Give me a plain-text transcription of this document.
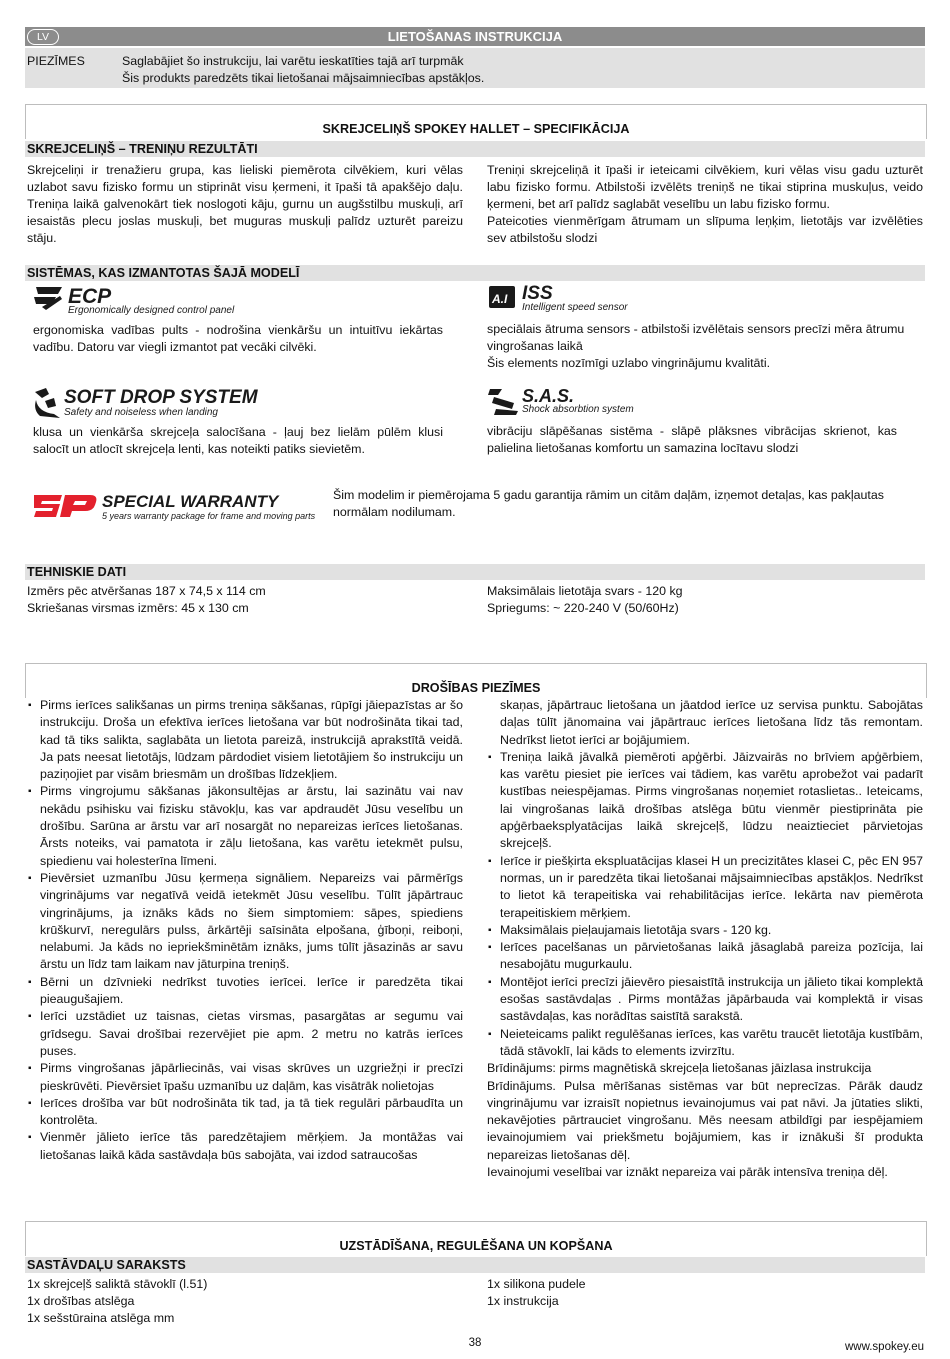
LV	LIETOŠANAS INSTRUKCIJA
PIEZĪMES	Saglabājiet šo instrukciju, lai varētu ieskatīties tajā arī turpmāk
Šis produkts paredzēts tikai lietošanai mājsaimniecības apstākļos.
SKREJCELIŅŠ SPOKEY HALLET – SPECIFIKĀCIJA
SKREJCELIŅŠ – TRENIŅU REZULTĀTI
Skrejceliņi ir trenažieru grupa, kas lieliski piemērota cilvēkiem, kuri vēlas uzlabot savu fizisko formu un stiprināt visu ķermeni, it īpaši tā apakšējo daļu. Treniņa laikā galvenokārt tiek noslogoti kāju, gurnu un augšstilbu muskuļi, arī iesaistās plecu joslas muskuļi, bet muguras muskuļi palīdz uzturēt pareizu stāju.
Treniņi skrejceliņā it īpaši ir ieteicami cilvēkiem, kuri vēlas visu gadu uzturēt labu fizisko formu. Atbilstoši izvēlēts treniņš ne tikai stiprina muskuļus, veido ķermeni, bet arī palīdz saglabāt veselību un labu fizisko formu.
Pateicoties vienmērīgam ātrumam un slīpuma leņķim, lietotājs var izvēlēties sev atbilstošu slodzi
SISTĒMAS, KAS IZMANTOTAS ŠAJĀ MODELĪ
ECP
Ergonomically designed control panel
ergonomiska vadības pults - nodrošina vienkāršu un intuitīvu iekārtas vadību. Datoru var viegli izmantot pat vecāki cilvēki.
A.I ISS
Intelligent speed sensor
speciālais ātruma sensors - atbilstoši izvēlētais sensors precīzi mēra ātrumu vingrošanas laikā
Šis elements nozīmīgi uzlabo vingrinājumu kvalitāti.
SOFT DROP SYSTEM
Safety and noiseless when landing
klusa un vienkārša skrejceļa salocīšana - ļauj bez lielām pūlēm klusi salocīt un atlocīt skrejceļa lenti, kas noteikti patiks sievietēm.
S.A.S.
Shock absorbtion system
vibrāciju slāpēšanas sistēma - slāpē plāksnes vibrācijas skrienot, kas palielina lietošanas komfortu un samazina locītavu slodzi
SPECIAL WARRANTY
5 years warranty package for frame and moving parts
Šim modelim ir piemērojama 5 gadu garantija rāmim un citām daļām, izņemot detaļas, kas pakļautas normālam nodilumam.
TEHNISKIE DATI
Izmērs pēc atvēršanas 187 x 74,5 x 114 cm
Skriešanas virsmas izmērs: 45 x 130 cm
Maksimālais lietotāja svars - 120 kg
Spriegums: ~ 220-240 V (50/60Hz)
DROŠĪBAS PIEZĪMES
▪ Pirms ierīces salikšanas un pirms treniņa sākšanas, rūpīgi jāiepazīstas ar šo instrukciju. Droša un efektīva ierīces lietošana var būt nodrošināta tikai tad, kad tā tiks salikta, saglabāta un lietota pareizā, instrukcijā aprakstītā veidā. Ja pats neesat lietotājs, lūdzam pārdodiet visiem lietotājiem šo instrukciju un paziņojiet par visām briesmām un drošības līdzekļiem.
▪ Pirms vingrojumu sākšanas jākonsultējas ar ārstu, lai sazinātu vai nav nekādu psihisku vai fizisku stāvokļu, kas var apdraudēt Jūsu veselību un drošību. Sarūna ar ārstu var arī nosargāt no nepareizas ierīces lietošanas. Ārsts noteiks, vai pamatota ir zāļu lietošana, kas varētu ietekmēt pulsu, spiedienu vai holesterīna līmeni.
▪ Pievērsiet uzmanību Jūsu ķermeņa signāliem. Nepareizs vai pārmērīgs vingrinājums var negatīvā veidā ietekmēt Jūsu veselību. Tūlīt jāpārtrauc vingrinājums, ja iznāks kāds no šiem simptomiem: sāpes, spiediens krūškurvī, neregulārs pulss, ārkārtēji saīsināta elpošana, ģīboņi, reiboņi, nelabumi. Ja kāds no iepriekšminētām iznāks, jums tūlīt jāsazinās ar savu ārstu un līdz tam laikam nav jāturpina treniņš.
▪ Bērni un dzīvnieki nedrīkst tuvoties ierīcei. Ierīce ir paredzēta tikai pieaugušajiem.
▪ Ierīci uzstādiet uz taisnas, cietas virsmas, pasargātas ar segumu vai grīdsegu. Savai drošībai rezervējiet pie apm. 2 metru no katrās ierīces puses.
▪ Pirms vingrošanas jāpārliecinās, vai visas skrūves un uzgriežņi ir precīzi pieskrūvēti. Pievērsiet īpašu uzmanību uz daļām, kas visātrāk nolietojas
▪ Ierīces drošība var būt nodrošināta tik tad, ja tā tiek regulāri pārbaudīta un kontrolēta.
▪ Vienmēr jālieto ierīce tās paredzētajiem mērķiem. Ja montāžas vai lietošanas laikā kāda sastāvdaļa būs sabojāta, vai izdod satraucošas
skaņas, jāpārtrauc lietošana un jāatdod ierīce uz servisa punktu. Sabojātas daļas tūlīt jānomaina vai jāpārtrauc ierīces lietošana līdz tās remontam. Nedrīkst lietot ierīci ar bojājumiem.
▪ Treniņa laikā jāvalkā piemēroti apģērbi. Jāizvairās no brīviem apģērbiem, kas varētu piesiet pie ierīces vai tādiem, kas varētu aprobežot vai padarīt kustības neiespējamas. Pirms vingrošanas noņemiet rotaslietas.. Ieteicams, lai vingrošanas laikā drošības atslēga būtu vienmēr piestiprināta pie apģērbaeksplуatācijas laikā skrejceļš, lūdzu neaiztieciet pārvietojas skrejceļš.
▪ Ierīce ir piešķirta ekspluatācijas klasei H un precizitātes klasei C, pēc EN 957 normas, un ir paredzēta tikai lietošanai mājsaimniecības apstākļos. Nedrīkst to lietot kā terapeitiska vai rehabilitācijas ierīce. Iekārta nav piemērota terapeitiskiem mērķiem.
▪ Maksimālais pieļaujamais lietotāja svars - 120 kg.
▪ Ierīces pacelšanas un pārvietošanas laikā jāsaglabā pareiza pozīcija, lai nesabojātu mugurkaulu.
▪ Montējot ierīci precīzi jāievēro piesaistītā instrukcija un jālieto tikai komplektā esošas sastāvdaļas . Pirms montāžas jāpārbauda vai komplektā ir visas sastāvdaļas, kas norādītas saistītā sarakstā.
▪ Neieteicams palikt regulēšanas ierīces, kas varētu traucēt lietotāja kustībām, tādā stāvoklī, lai kāds to elements izvirzītu.
Brīdinājums: pirms magnētiskā skrejceļa lietošanas jāizlasa instrukcija
Brīdinājums. Pulsa mērīšanas sistēmas var būt neprecīzas. Pārāk daudz vingrinājumu var izraisīt nopietnus ievainojumus vai pat nāvi. Ja jūtaties slikti, nekavējoties pārtrauciet vingrošanu. Mēs neesam atbildīgi par iespējamiem ievainojumiem vai priekšmetu bojājumiem, kas ir iznākuši šī produkta nepareizas lietošanas dēļ.
Ievainojumi veselībai var iznākt nepareiza vai pārāk intensīva treniņa dēļ.
UZSTĀDĪŠANA, REGULĒŠANA UN KOPŠANA
SASTĀVDAĻU SARAKSTS
1x skrejceļš saliktā stāvoklī (l.51)
1x drošības atslēga
1x sešstūraina atslēga mm
1x silikona pudele
1x instrukcija
38	www.spokey.eu
